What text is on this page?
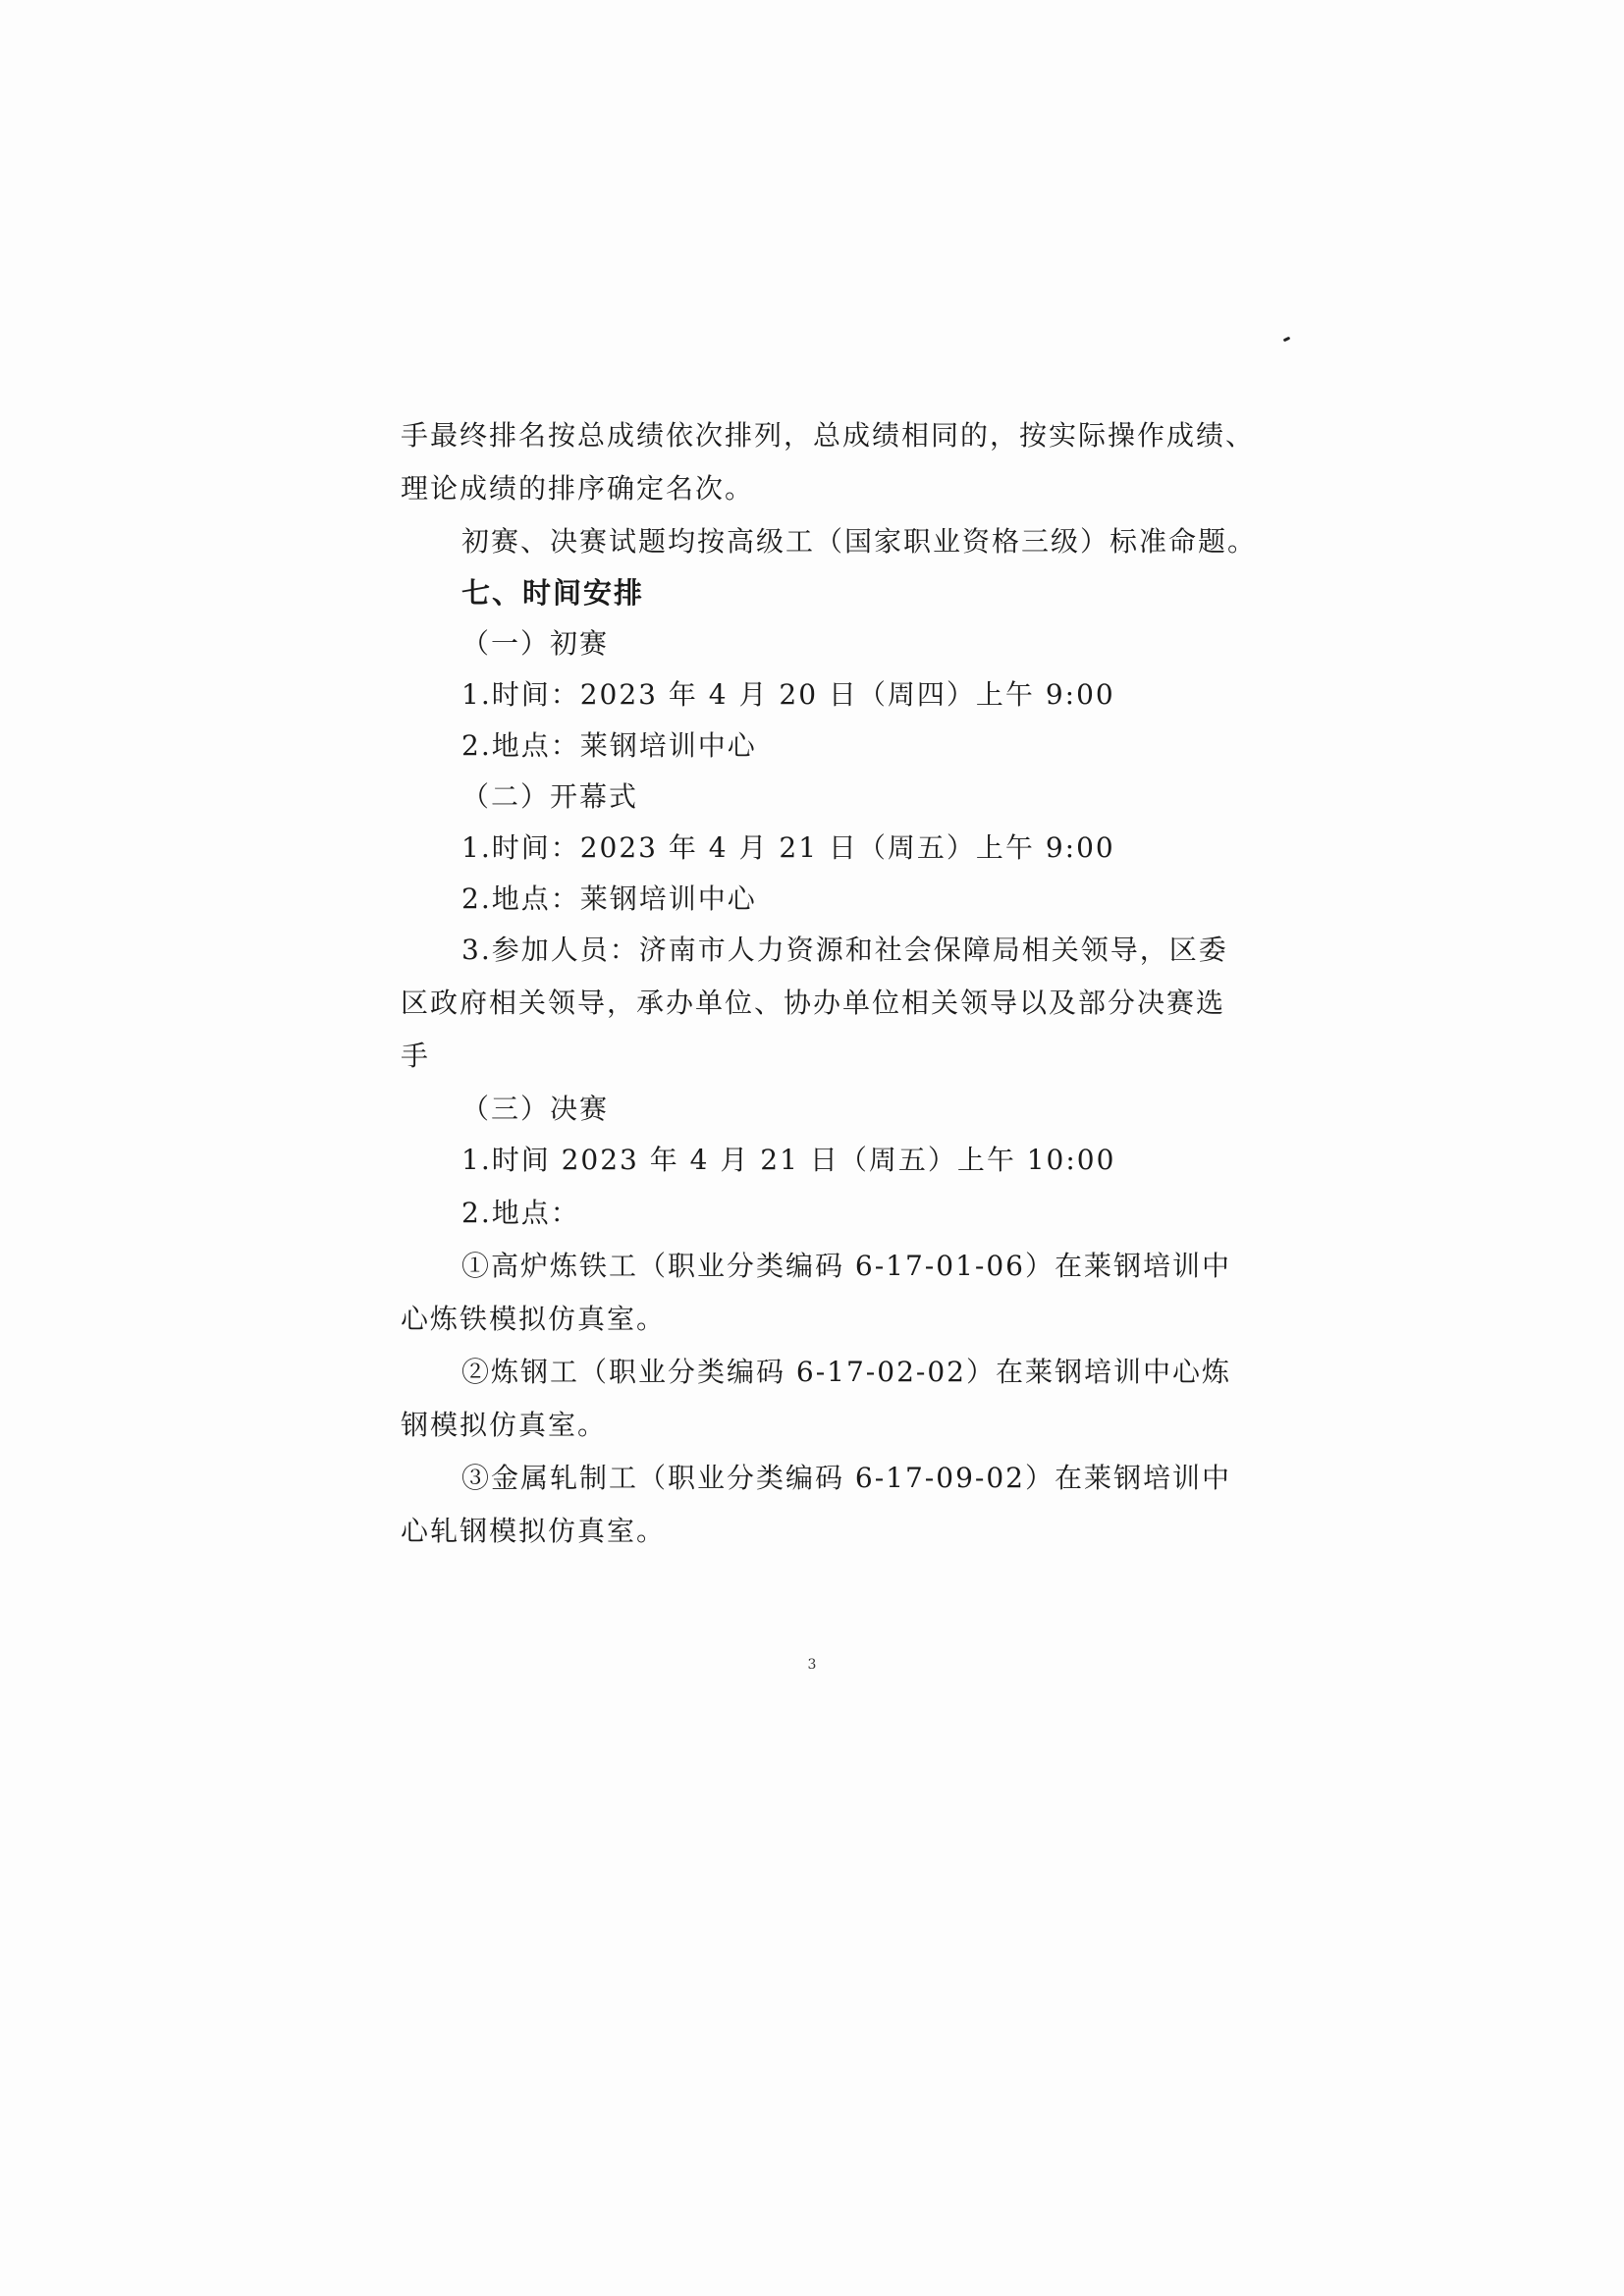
手最终排名按总成绩依次排列，总成绩相同的，按实际操作成绩、
理论成绩的排序确定名次。
初赛、决赛试题均按高级工（国家职业资格三级）标准命题。
七、时间安排
（一）初赛
1.时间：2023 年 4 月 20 日（周四）上午 9:00
2.地点：莱钢培训中心
（二）开幕式
1.时间：2023 年 4 月 21 日（周五）上午 9:00
2.地点：莱钢培训中心
3.参加人员：济南市人力资源和社会保障局相关领导，区委
区政府相关领导，承办单位、协办单位相关领导以及部分决赛选
手
（三）决赛
1.时间 2023 年 4 月 21 日（周五）上午 10:00
2.地点：
①高炉炼铁工（职业分类编码 6-17-01-06）在莱钢培训中
心炼铁模拟仿真室。
②炼钢工（职业分类编码 6-17-02-02）在莱钢培训中心炼
钢模拟仿真室。
③金属轧制工（职业分类编码 6-17-09-02）在莱钢培训中
心轧钢模拟仿真室。
3
